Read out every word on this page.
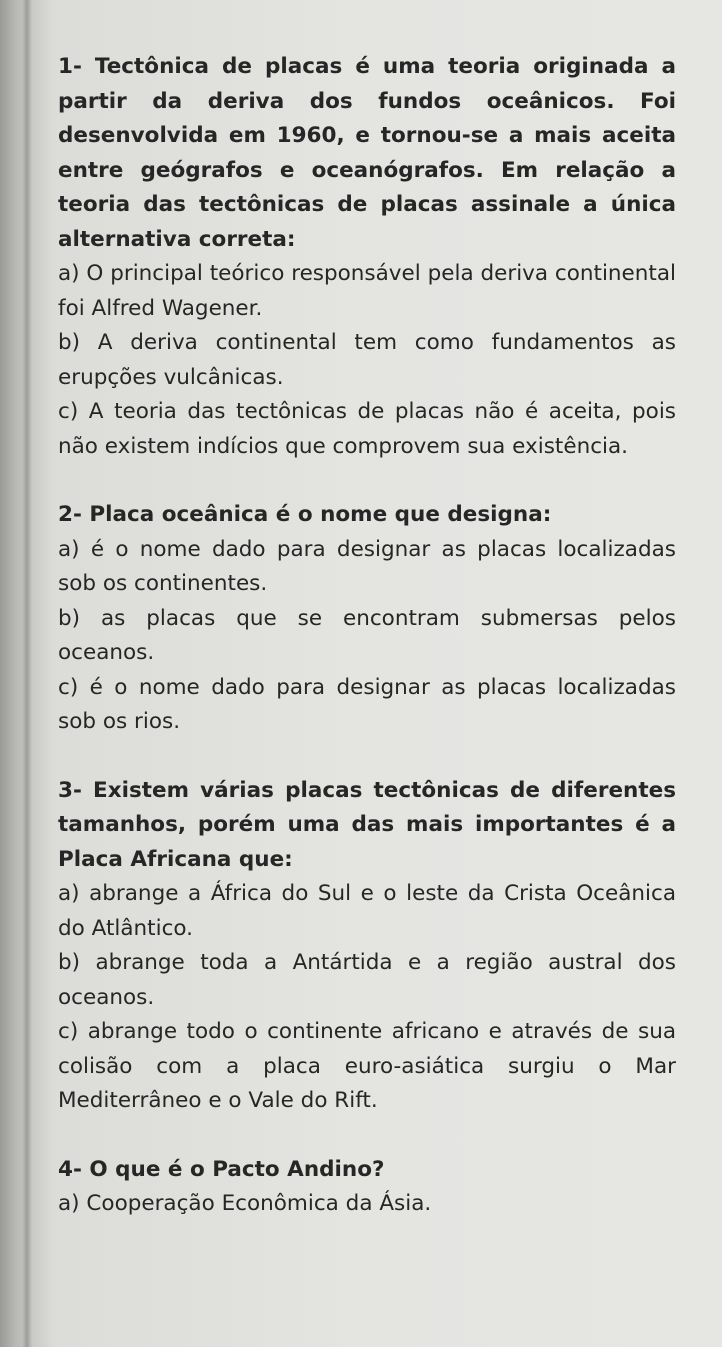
1- Tectônica de placas é uma teoria originada a partir da deriva dos fundos oceânicos. Foi desenvolvida em 1960, e tornou-se a mais aceita entre geógrafos e oceanógrafos. Em relação a teoria das tectônicas de placas assinale a única alternativa correta:

a) O principal teórico responsável pela deriva continental foi Alfred Wagener.

b) A deriva continental tem como fundamentos as erupções vulcânicas.

c) A teoria das tectônicas de placas não é aceita, pois não existem indícios que comprovem sua existência.

2- Placa oceânica é o nome que designa:

a) é o nome dado para designar as placas localizadas sob os continentes.

b) as placas que se encontram submersas pelos oceanos.

c) é o nome dado para designar as placas localizadas sob os rios.

3- Existem várias placas tectônicas de diferentes tamanhos, porém uma das mais importantes é a Placa Africana que:

a) abrange a África do Sul e o leste da Crista Oceânica do Atlântico.

b) abrange toda a Antártida e a região austral dos oceanos.

c) abrange todo o continente africano e através de sua colisão com a placa euro-asiática surgiu o Mar Mediterrâneo e o Vale do Rift.

4- O que é o Pacto Andino?

a) Cooperação Econômica da Ásia.
